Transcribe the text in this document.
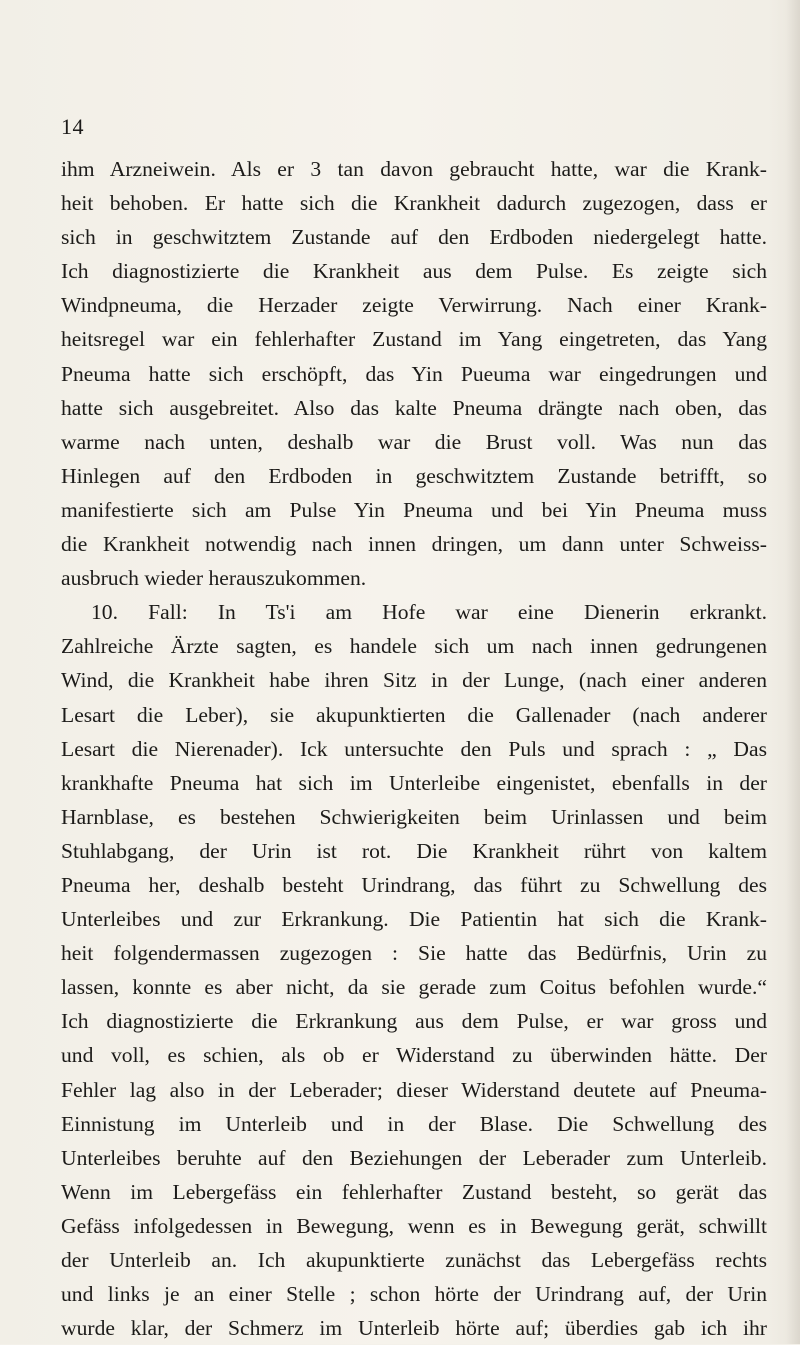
14
ihm Arzneiwein. Als er 3 tan davon gebraucht hatte, war die Krank-
heit behoben. Er hatte sich die Krankheit dadurch zugezogen, dass er
sich in geschwitztem Zustande auf den Erdboden niedergelegt hatte.
Ich diagnostizierte die Krankheit aus dem Pulse. Es zeigte sich
Windpneuma, die Herzader zeigte Verwirrung. Nach einer Krank-
heitsregel war ein fehlerhafter Zustand im Yang eingetreten, das Yang
Pneuma hatte sich erschöpft, das Yin Pueuma war eingedrungen und
hatte sich ausgebreitet. Also das kalte Pneuma drängte nach oben, das
warme nach unten, deshalb war die Brust voll. Was nun das
Hinlegen auf den Erdboden in geschwitztem Zustande betrifft, so
manifestierte sich am Pulse Yin Pneuma und bei Yin Pneuma muss
die Krankheit notwendig nach innen dringen, um dann unter Schweiss-
ausbruch wieder herauszukommen.
10. Fall: In Ts'i am Hofe war eine Dienerin erkrankt.
Zahlreiche Ärzte sagten, es handele sich um nach innen gedrungenen
Wind, die Krankheit habe ihren Sitz in der Lunge, (nach einer anderen
Lesart die Leber), sie akupunktierten die Gallenader (nach anderer
Lesart die Nierenader). Ick untersuchte den Puls und sprach : „ Das
krankhafte Pneuma hat sich im Unterleibe eingenistet, ebenfalls in der
Harnblase, es bestehen Schwierigkeiten beim Urinlassen und beim
Stuhlabgang, der Urin ist rot. Die Krankheit rührt von kaltem
Pneuma her, deshalb besteht Urindrang, das führt zu Schwellung des
Unterleibes und zur Erkrankung. Die Patientin hat sich die Krank-
heit folgendermassen zugezogen : Sie hatte das Bedürfnis, Urin zu
lassen, konnte es aber nicht, da sie gerade zum Coitus befohlen wurde.“
Ich diagnostizierte die Erkrankung aus dem Pulse, er war gross und
und voll, es schien, als ob er Widerstand zu überwinden hätte. Der
Fehler lag also in der Leberader; dieser Widerstand deutete auf Pneuma-
Einnistung im Unterleib und in der Blase. Die Schwellung des
Unterleibes beruhte auf den Beziehungen der Leberader zum Unterleib.
Wenn im Lebergefäss ein fehlerhafter Zustand besteht, so gerät das
Gefäss infolgedessen in Bewegung, wenn es in Bewegung gerät, schwillt
der Unterleib an. Ich akupunktierte zunächst das Lebergefäss rechts
und links je an einer Stelle ; schon hörte der Urindrang auf, der Urin
wurde klar, der Schmerz im Unterleib hörte auf; überdies gab ich ihr
